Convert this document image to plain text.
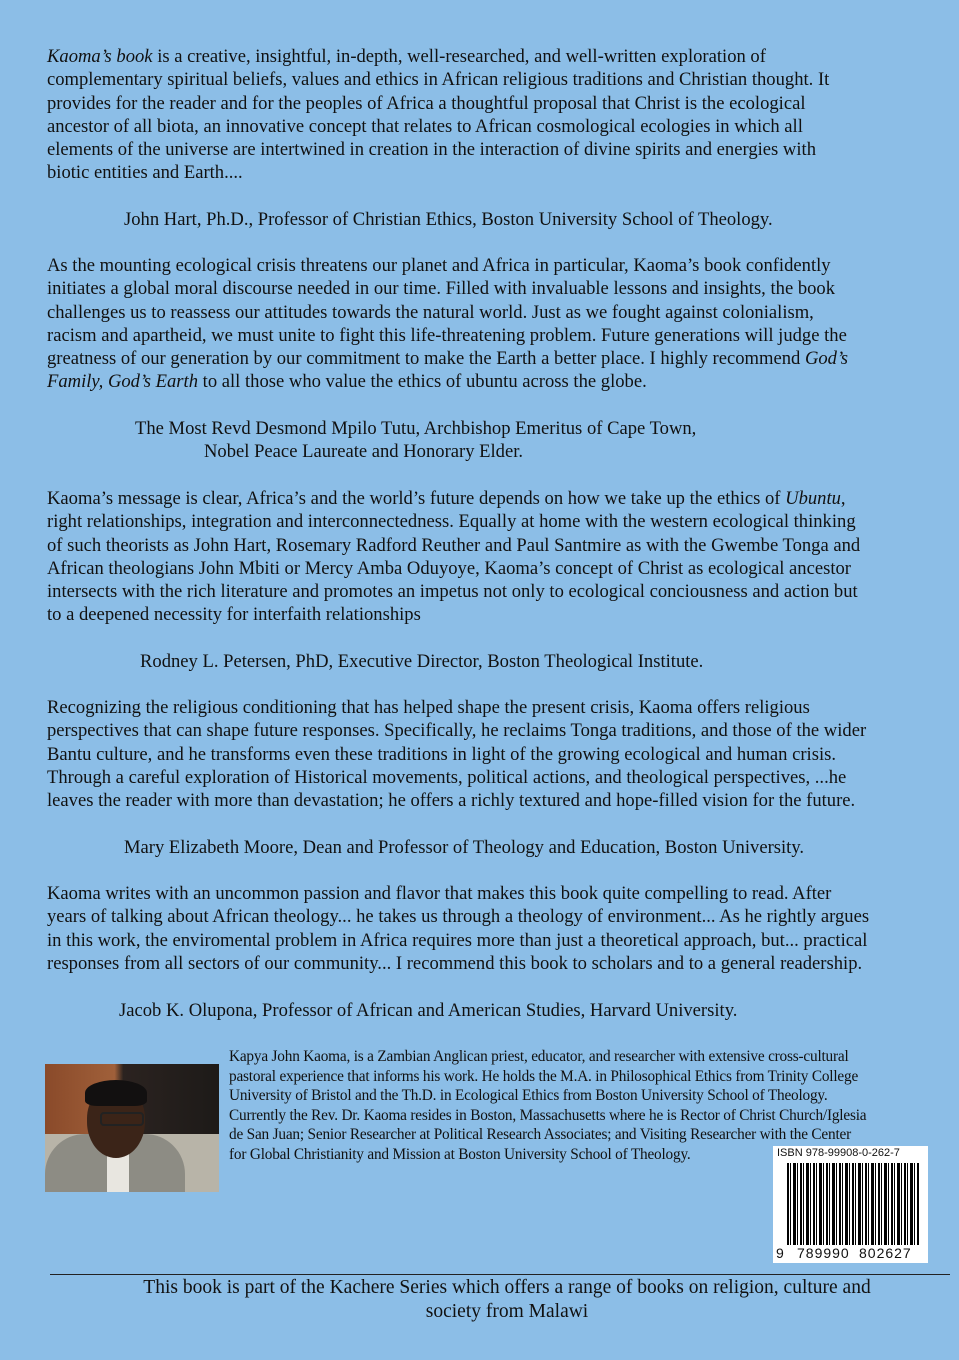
Kaoma’s book is a creative, insightful, in-depth, well-researched, and well-written exploration of
complementary spiritual beliefs, values and ethics in African religious traditions and Christian thought. It
provides for the reader and for the peoples of Africa a thoughtful proposal that Christ is the ecological
ancestor of all biota, an innovative concept that relates to African cosmological ecologies in which all
elements of the universe are intertwined in creation in the interaction of divine spirits and energies with
biotic entities and Earth....
John Hart, Ph.D., Professor of Christian Ethics, Boston University School of Theology.
As the mounting ecological crisis threatens our planet and Africa in particular, Kaoma’s book confidently
initiates a global moral discourse needed in our time. Filled with invaluable lessons and insights, the book
challenges us to reassess our attitudes towards the natural world. Just as we fought against colonialism,
racism and apartheid, we must unite to fight this life-threatening problem. Future generations will judge the
greatness of our generation by our commitment to make the Earth a better place. I highly recommend God’s
Family, God’s Earth to all those who value the ethics of ubuntu across the globe.
The Most Revd Desmond Mpilo Tutu, Archbishop Emeritus of Cape Town,
Nobel Peace Laureate and Honorary Elder.
Kaoma’s message is clear, Africa’s and the world’s future depends on how we take up the ethics of Ubuntu,
right relationships, integration and interconnectedness. Equally at home with the western ecological thinking
of such theorists as John Hart, Rosemary Radford Reuther and Paul Santmire as with the Gwembe Tonga and
African theologians John Mbiti or Mercy Amba Oduyoye, Kaoma’s concept of Christ as ecological ancestor
intersects with the rich literature and promotes an impetus not only to ecological conciousness and action but
to a deepened necessity for interfaith relationships
Rodney L. Petersen, PhD, Executive Director, Boston Theological Institute.
Recognizing the religious conditioning that has helped shape the present crisis, Kaoma offers religious
perspectives that can shape future responses. Specifically, he reclaims Tonga traditions, and those of the wider
Bantu culture, and he transforms even these traditions in light of the growing ecological and human crisis.
Through a careful exploration of Historical movements, political actions, and theological perspectives, ...he
leaves the reader with more than devastation; he offers a richly textured and hope-filled vision for the future.
Mary Elizabeth Moore, Dean and Professor of Theology and Education, Boston University.
Kaoma writes with an uncommon passion and flavor that makes this book quite compelling to read. After
years of talking about African theology... he takes us through a theology of environment... As he rightly argues
in this work, the enviromental problem in Africa requires more than just a theoretical approach, but... practical
responses from all sectors of our community... I recommend this book to scholars and to a general readership.
Jacob K. Olupona, Professor of African and American Studies, Harvard University.
Kapya John Kaoma, is a Zambian Anglican priest, educator, and researcher with extensive cross-cultural
pastoral experience that informs his work. He holds the M.A. in Philosophical Ethics from Trinity College
University of Bristol and the Th.D. in Ecological Ethics from Boston University School of Theology.
Currently the Rev. Dr. Kaoma resides in Boston, Massachusetts where he is Rector of Christ Church/Iglesia
de San Juan; Senior Researcher at Political Research Associates; and Visiting Researcher with the Center
for Global Christianity and Mission at Boston University School of Theology.	ISBN 978-99908-0-262-7
9 789990 802627
This book is part of the Kachere Series which offers a range of books on religion, culture and
society from Malawi
